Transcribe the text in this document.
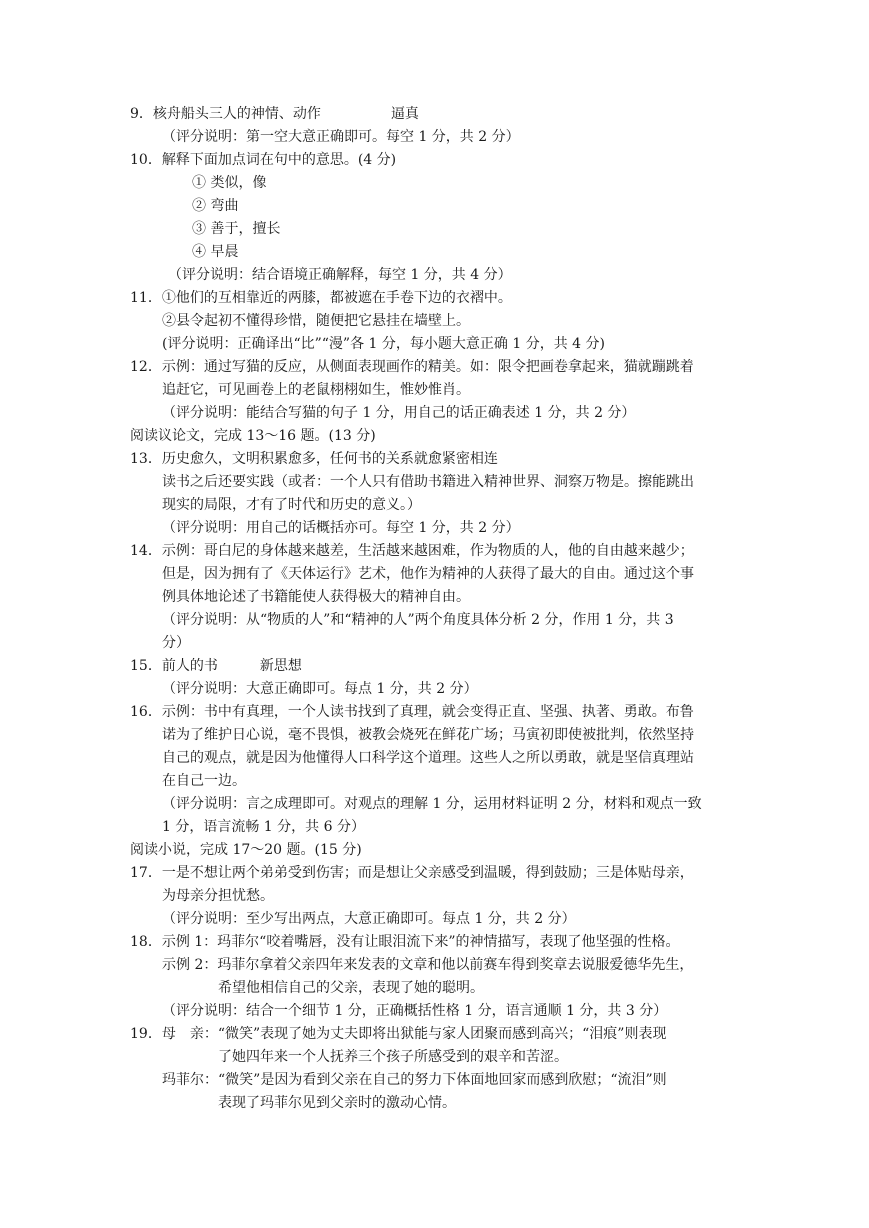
9．核舟船头三人的神情、动作　　　　　逼真
（评分说明：第一空大意正确即可。每空 1 分，共 2 分）
10．解释下面加点词在句中的意思。(4 分)
① 类似，像
② 弯曲
③ 善于，擅长
④ 早晨
（评分说明：结合语境正确解释，每空 1 分，共 4 分）
11．①他们的互相靠近的两膝，都被遮在手卷下边的衣褶中。
②县令起初不懂得珍惜，随便把它悬挂在墙壁上。
(评分说明：正确译出“比”“漫”各 1 分，每小题大意正确 1 分，共 4 分)
12．示例：通过写猫的反应，从侧面表现画作的精美。如：限令把画卷拿起来，猫就蹦跳着
追赶它，可见画卷上的老鼠栩栩如生，惟妙惟肖。
（评分说明：能结合写猫的句子 1 分，用自己的话正确表述 1 分，共 2 分）
阅读议论文，完成 13～16 题。(13 分)
13．历史愈久，文明积累愈多，任何书的关系就愈紧密相连
读书之后还要实践（或者：一个人只有借助书籍进入精神世界、洞察万物是。擦能跳出
现实的局限，才有了时代和历史的意义。）
（评分说明：用自己的话概括亦可。每空 1 分，共 2 分）
14．示例：哥白尼的身体越来越差，生活越来越困难，作为物质的人，他的自由越来越少；
但是，因为拥有了《天体运行》艺术，他作为精神的人获得了最大的自由。通过这个事
例具体地论述了书籍能使人获得极大的精神自由。
（评分说明：从“物质的人”和“精神的人”两个角度具体分析 2 分，作用 1 分，共 3
分）
15．前人的书　　　新思想
（评分说明：大意正确即可。每点 1 分，共 2 分）
16．示例：书中有真理，一个人读书找到了真理，就会变得正直、坚强、执著、勇敢。布鲁
诺为了维护日心说，毫不畏惧，被教会烧死在鲜花广场；马寅初即使被批判，依然坚持
自己的观点，就是因为他懂得人口科学这个道理。这些人之所以勇敢，就是坚信真理站
在自己一边。
（评分说明：言之成理即可。对观点的理解 1 分，运用材料证明 2 分，材料和观点一致
1 分，语言流畅 1 分，共 6 分）
阅读小说，完成 17～20 题。(15 分)
17．一是不想让两个弟弟受到伤害；而是想让父亲感受到温暖，得到鼓励；三是体贴母亲，
为母亲分担忧愁。
（评分说明：至少写出两点，大意正确即可。每点 1 分，共 2 分）
18．示例 1：玛菲尔“咬着嘴唇，没有让眼泪流下来”的神情描写，表现了他坚强的性格。
示例 2：玛菲尔拿着父亲四年来发表的文章和他以前赛车得到奖章去说服爱德华先生，
希望他相信自己的父亲，表现了她的聪明。
（评分说明：结合一个细节 1 分，正确概括性格 1 分，语言通顺 1 分，共 3 分）
19．母　亲：“微笑”表现了她为丈夫即将出狱能与家人团聚而感到高兴；“泪痕”则表现
了她四年来一个人抚养三个孩子所感受到的艰辛和苦涩。
玛菲尔：“微笑”是因为看到父亲在自己的努力下体面地回家而感到欣慰；“流泪”则
表现了玛菲尔见到父亲时的激动心情。
